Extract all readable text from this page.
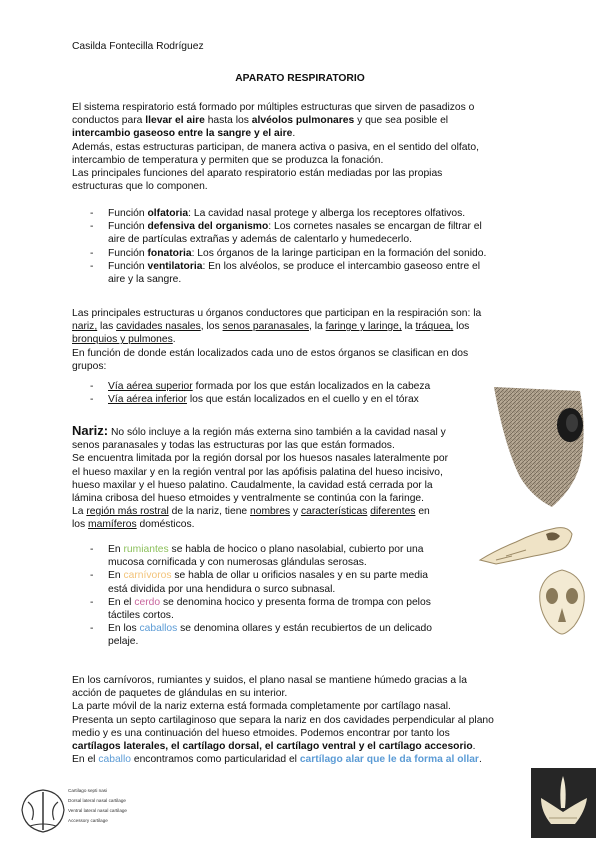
Casilda Fontecilla Rodríguez
APARATO RESPIRATORIO
El sistema respiratorio está formado por múltiples estructuras que sirven de pasadizos o
conductos para llevar el aire hasta los alvéolos pulmonares y que sea posible el
intercambio gaseoso entre la sangre y el aire.
Además, estas estructuras participan, de manera activa o pasiva, en el sentido del olfato,
intercambio de temperatura y permiten que se produzca la fonación.
Las principales funciones del aparato respiratorio están mediadas por las propias
estructuras que lo componen.
- Función olfatoria: La cavidad nasal protege y alberga los receptores olfativos.
- Función defensiva del organismo: Los cornetes nasales se encargan de filtrar el
aire de partículas extrañas y además de calentarlo y humedecerlo.
- Función fonatoria: Los órganos de la laringe participan en la formación del sonido.
- Función ventilatoria: En los alvéolos, se produce el intercambio gaseoso entre el
aire y la sangre.
Las principales estructuras u órganos conductores que participan en la respiración son: la
nariz, las cavidades nasales, los senos paranasales, la faringe y laringe, la tráquea, los
bronquios y pulmones.
En función de donde están localizados cada uno de estos órganos se clasifican en dos
grupos:
- Vía aérea superior formada por los que están localizados en la cabeza
- Vía aérea inferior los que están localizados en el cuello y en el tórax
Nariz: No sólo incluye a la región más externa sino también a la cavidad nasal y
senos paranasales y todas las estructuras por las que están formados.
Se encuentra limitada por la región dorsal por los huesos nasales lateralmente por
el hueso maxilar y en la región ventral por las apófisis palatina del hueso incisivo,
hueso maxilar y el hueso palatino. Caudalmente, la cavidad está cerrada por la
lámina cribosa del hueso etmoides y ventralmente se continúa con la faringe.
La región más rostral de la nariz, tiene nombres y características diferentes en
los mamíferos domésticos.
- En rumiantes se habla de hocico o plano nasolabial, cubierto por una
mucosa cornificada y con numerosas glándulas serosas.
- En carnívoros se habla de ollar u orificios nasales y en su parte media
está dividida por una hendidura o surco subnasal.
- En el cerdo se denomina hocico y presenta forma de trompa con pelos
táctiles cortos.
- En los caballos se denomina ollares y están recubiertos de un delicado
pelaje.
En los carnívoros, rumiantes y suidos, el plano nasal se mantiene húmedo gracias a la
acción de paquetes de glándulas en su interior.
La parte móvil de la nariz externa está formada completamente por cartílago nasal.
Presenta un septo cartilaginoso que separa la nariz en dos cavidades perpendicular al plano
medio y es una continuación del hueso etmoides. Podemos encontrar por tanto los
cartílagos laterales, el cartílago dorsal, el cartílago ventral y el cartílago accesorio.
En el caballo encontramos como particularidad el cartílago alar que le da forma al ollar.
Cartilago septi nasi
Dorsal lateral nasal cartilage
Ventral lateral nasal cartilage
Accessory cartilage
